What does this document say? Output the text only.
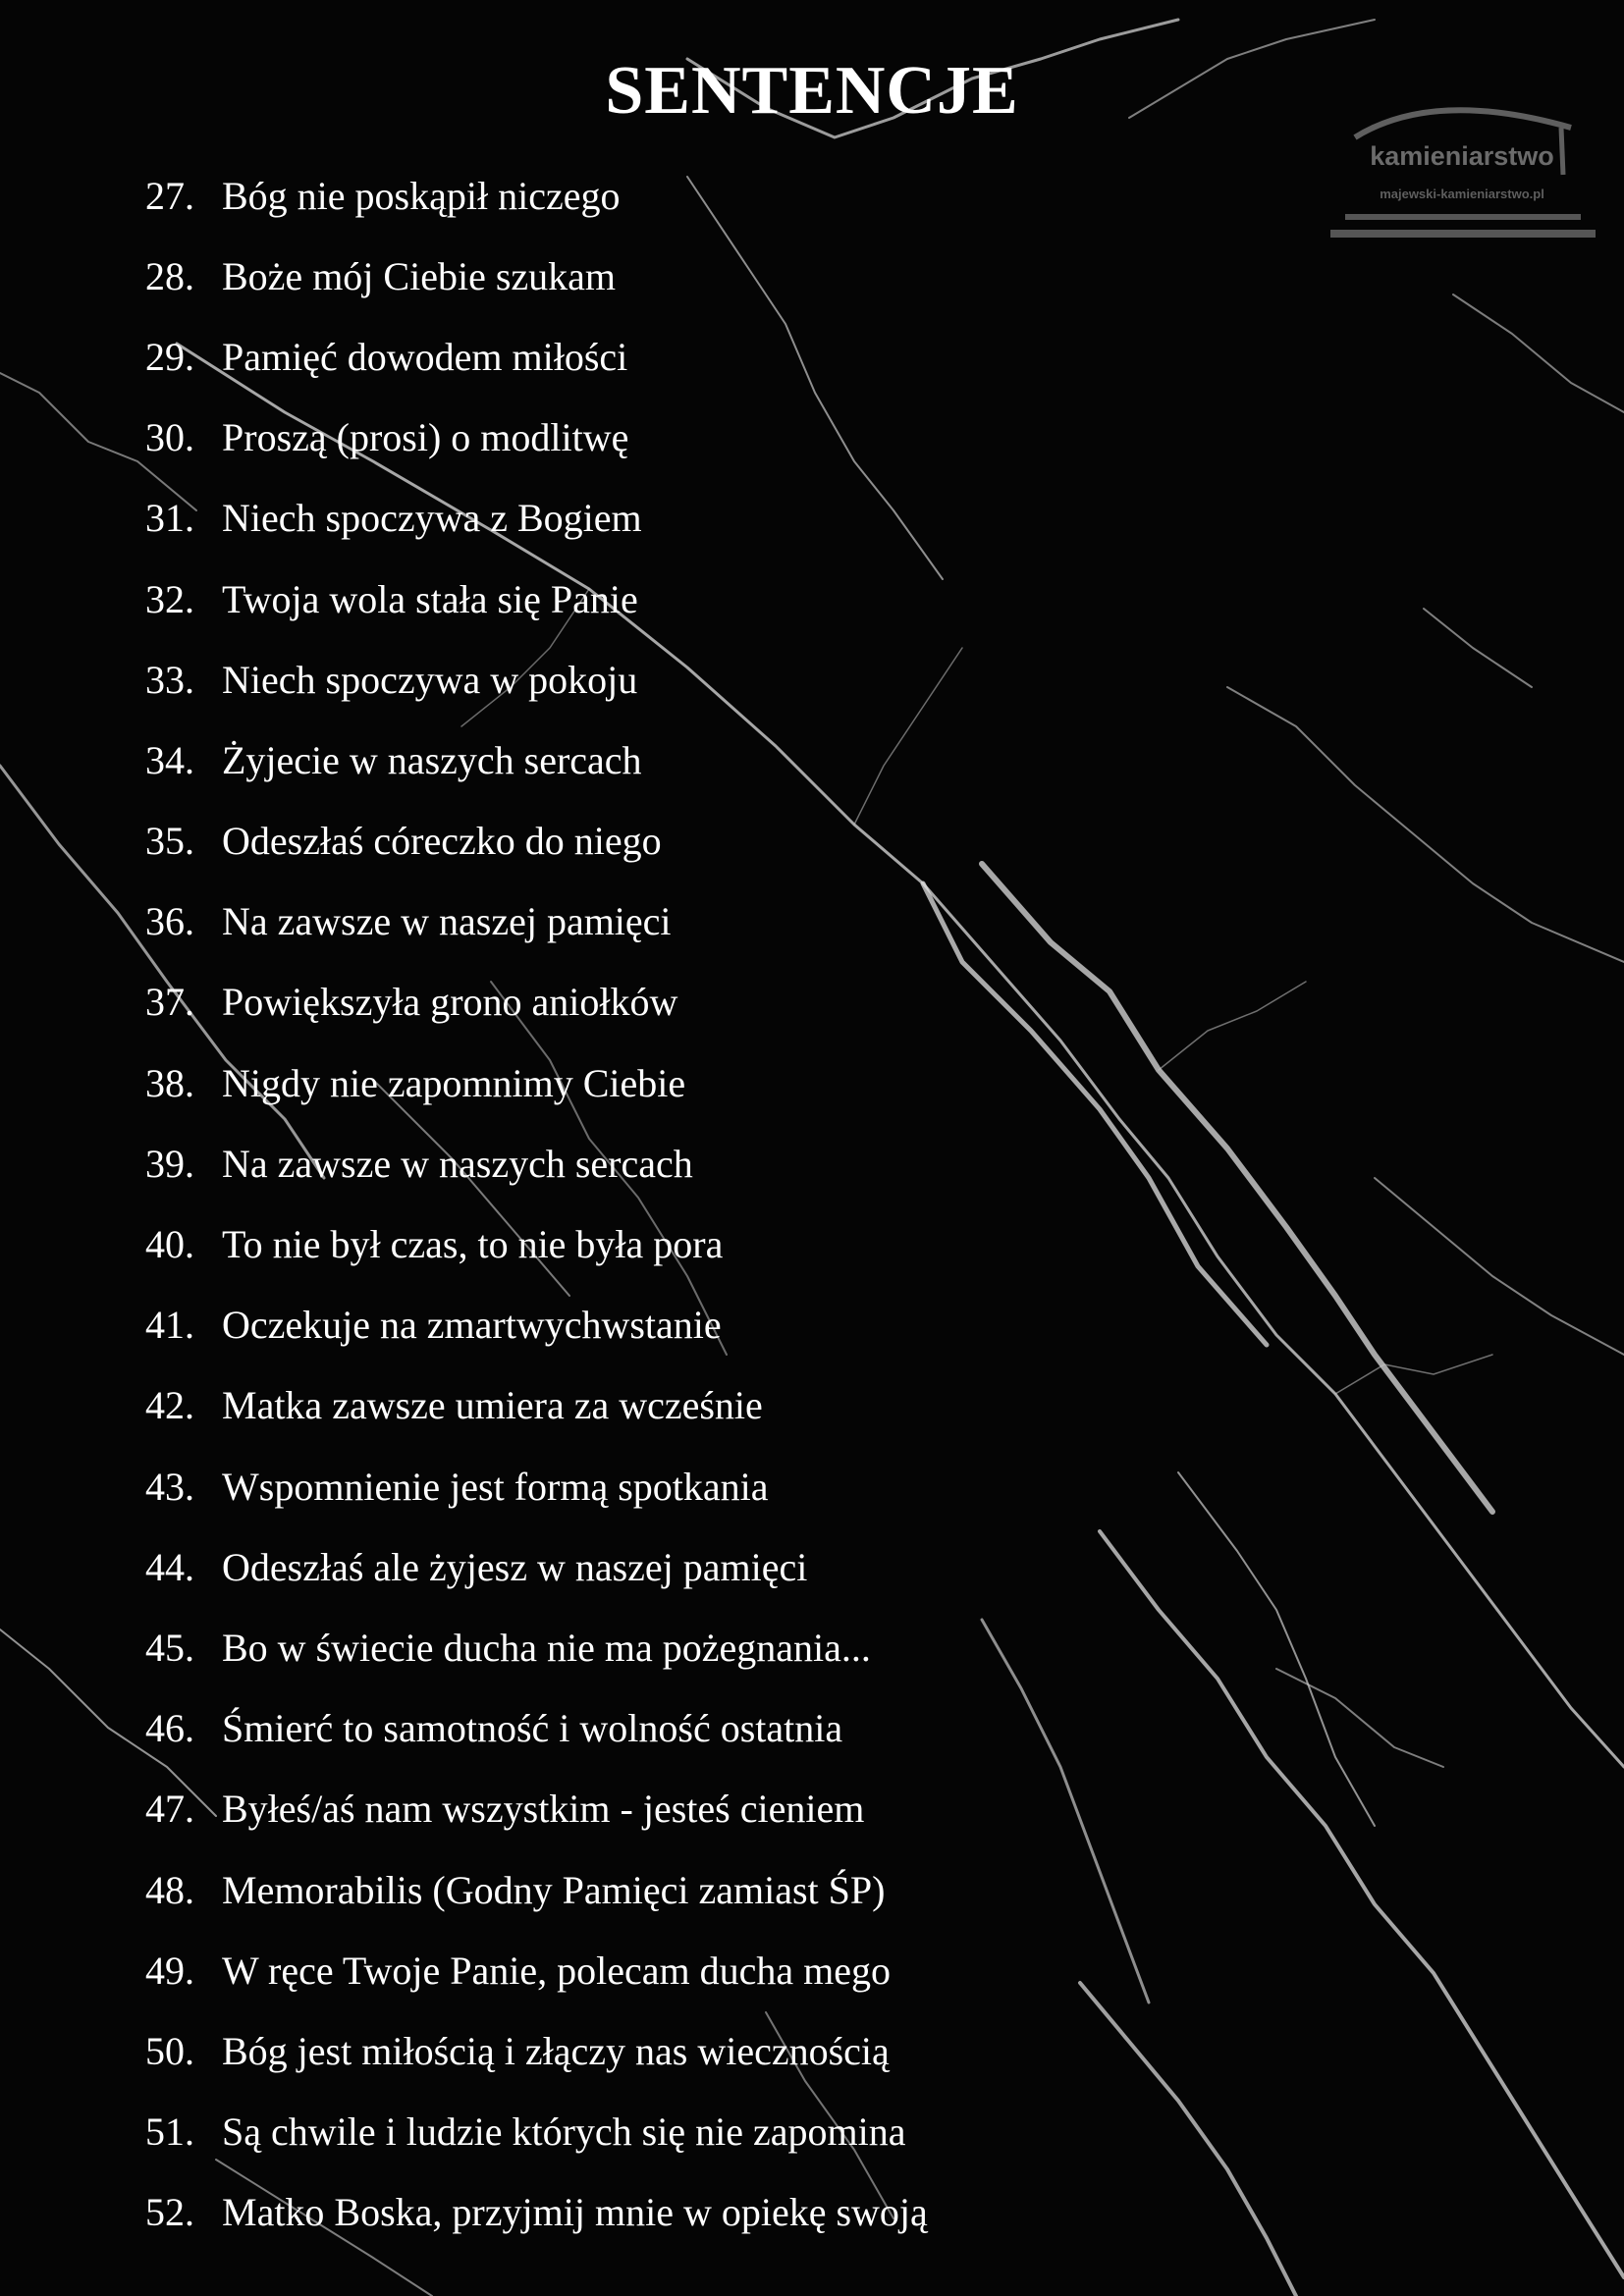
SENTENCJE
kamieniarstwo
majewski-kamieniarstwo.pl
27. Bóg nie poskąpił niczego
28. Boże mój Ciebie szukam
29. Pamięć dowodem miłości
30. Proszą (prosi) o modlitwę
31. Niech spoczywa z Bogiem
32. Twoja wola stała się Panie
33. Niech spoczywa w pokoju
34. Żyjecie w naszych sercach
35. Odeszłaś córeczko do niego
36. Na zawsze w naszej pamięci
37. Powiększyła grono aniołków
38. Nigdy nie zapomnimy Ciebie
39. Na zawsze w naszych sercach
40. To nie był czas, to nie była pora
41. Oczekuje na zmartwychwstanie
42. Matka zawsze umiera za wcześnie
43. Wspomnienie jest formą spotkania
44. Odeszłaś ale żyjesz w naszej pamięci
45. Bo w świecie ducha nie ma pożegnania...
46. Śmierć to samotność i wolność ostatnia
47. Byłeś/aś nam wszystkim - jesteś cieniem
48. Memorabilis (Godny Pamięci zamiast ŚP)
49. W ręce Twoje Panie, polecam ducha mego
50. Bóg jest miłością i złączy nas wiecznością
51. Są chwile i ludzie których się nie zapomina
52. Matko Boska, przyjmij mnie w opiekę swoją
